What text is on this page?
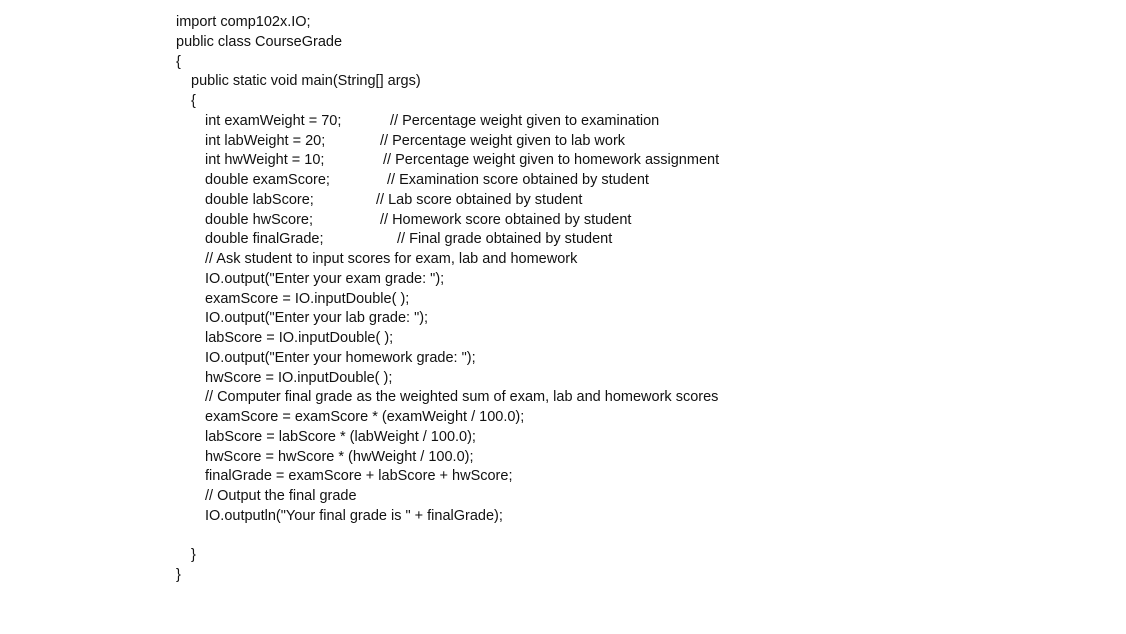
import comp102x.IO;
public class CourseGrade
{
public static void main(String[] args)
{
int examWeight = 70;	// Percentage weight given to examination
int labWeight = 20;	// Percentage weight given to lab work
int hwWeight = 10;	// Percentage weight given to homework assignment
double examScore;	// Examination score obtained by student
double labScore;	// Lab score obtained by student
double hwScore;	// Homework score obtained by student
double finalGrade;	// Final grade obtained by student
// Ask student to input scores for exam, lab and homework
IO.output("Enter your exam grade: ");
examScore = IO.inputDouble( );
IO.output("Enter your lab grade: ");
labScore = IO.inputDouble( );
IO.output("Enter your homework grade: ");
hwScore = IO.inputDouble( );
// Computer final grade as the weighted sum of exam, lab and homework scores
examScore = examScore * (examWeight / 100.0);
labScore = labScore * (labWeight / 100.0);
hwScore = hwScore * (hwWeight / 100.0);
finalGrade = examScore + labScore + hwScore;
// Output the final grade
IO.outputln("Your final grade is " + finalGrade);
}
}
